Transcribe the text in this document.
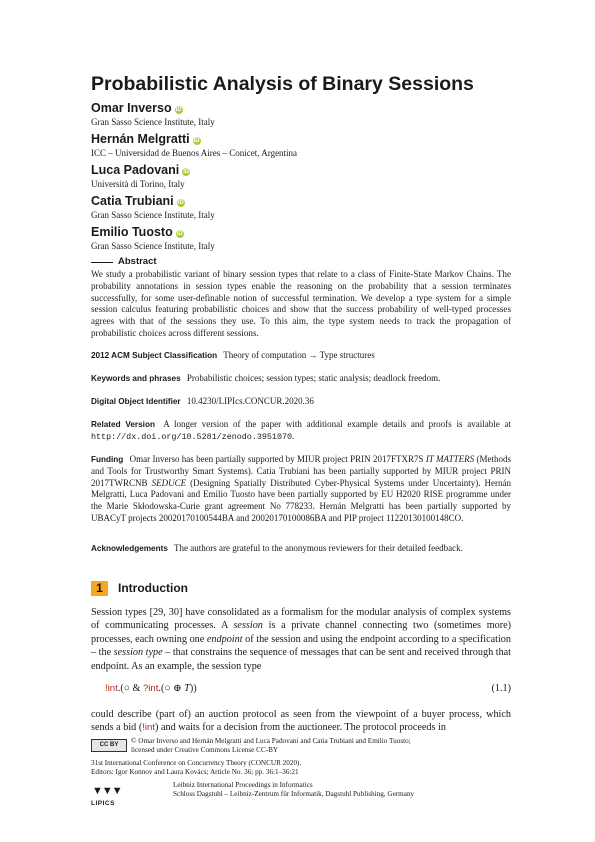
Probabilistic Analysis of Binary Sessions
Omar Inverso iD
Gran Sasso Science Institute, Italy
Hernán Melgratti iD
ICC – Universidad de Buenos Aires – Conicet, Argentina
Luca Padovani iD
Università di Torino, Italy
Catia Trubiani iD
Gran Sasso Science Institute, Italy
Emilio Tuosto iD
Gran Sasso Science Institute, Italy
Abstract

We study a probabilistic variant of binary session types that relate to a class of Finite-State Markov Chains. The probability annotations in session types enable the reasoning on the probability that a session terminates successfully, for some user-definable notion of successful termination. We develop a type system for a simple session calculus featuring probabilistic choices and show that the success probability of well-typed processes agrees with that of the sessions they use. To this aim, the type system needs to track the propagation of probabilistic choices across different sessions.

2012 ACM Subject Classification Theory of computation → Type structures

Keywords and phrases Probabilistic choices; session types; static analysis; deadlock freedom.

Digital Object Identifier 10.4230/LIPIcs.CONCUR.2020.36

Related Version A longer version of the paper with additional example details and proofs is available at http://dx.doi.org/10.5281/zenodo.3951070.

Funding Omar Inverso has been partially supported by MIUR project PRIN 2017FTXR7S IT MATTERS (Methods and Tools for Trustworthy Smart Systems). Catia Trubiani has been partially supported by MIUR project PRIN 2017TWRCNB SEDUCE (Designing Spatially Distributed Cyber-Physical Systems under Uncertainty). Hernán Melgratti, Luca Padovani and Emilio Tuosto have been partially supported by EU H2020 RISE programme under the Marie Skłodowska-Curie grant agreement No 778233. Hernán Melgratti has been partially supported by UBACyT projects 20020170100544BA and 20020170100086BA and PIP project 11220130100148CO.

Acknowledgements The authors are grateful to the anonymous reviewers for their detailed feedback.

1	Introduction

Session types [29, 30] have consolidated as a formalism for the modular analysis of complex systems of communicating processes. A session is a private channel connecting two (sometimes more) processes, each owning one endpoint of the session and using the endpoint according to a specification – the session type – that constrains the sequence of messages that can be sent and received through that endpoint. As an example, the session type

!int.(○ & ?int.(○ ⊕ T))	(1.1)

could describe (part of) an auction protocol as seen from the viewpoint of a buyer process, which sends a bid (!int) and waits for a decision from the auctioneer. The protocol proceeds in

CC BY	© Omar Inverso and Hernán Melgratti and Luca Padovani and Catia Trubiani and Emilio Tuosto;
licensed under Creative Commons License CC-BY
31st International Conference on Concurrency Theory (CONCUR 2020).
Editors: Igor Konnov and Laura Kovács; Article No. 36; pp. 36:1–36:21
▼▼▼
LIPICS
Leibniz International Proceedings in Informatics
Schloss Dagstuhl – Leibniz-Zentrum für Informatik, Dagstuhl Publishing, Germany
